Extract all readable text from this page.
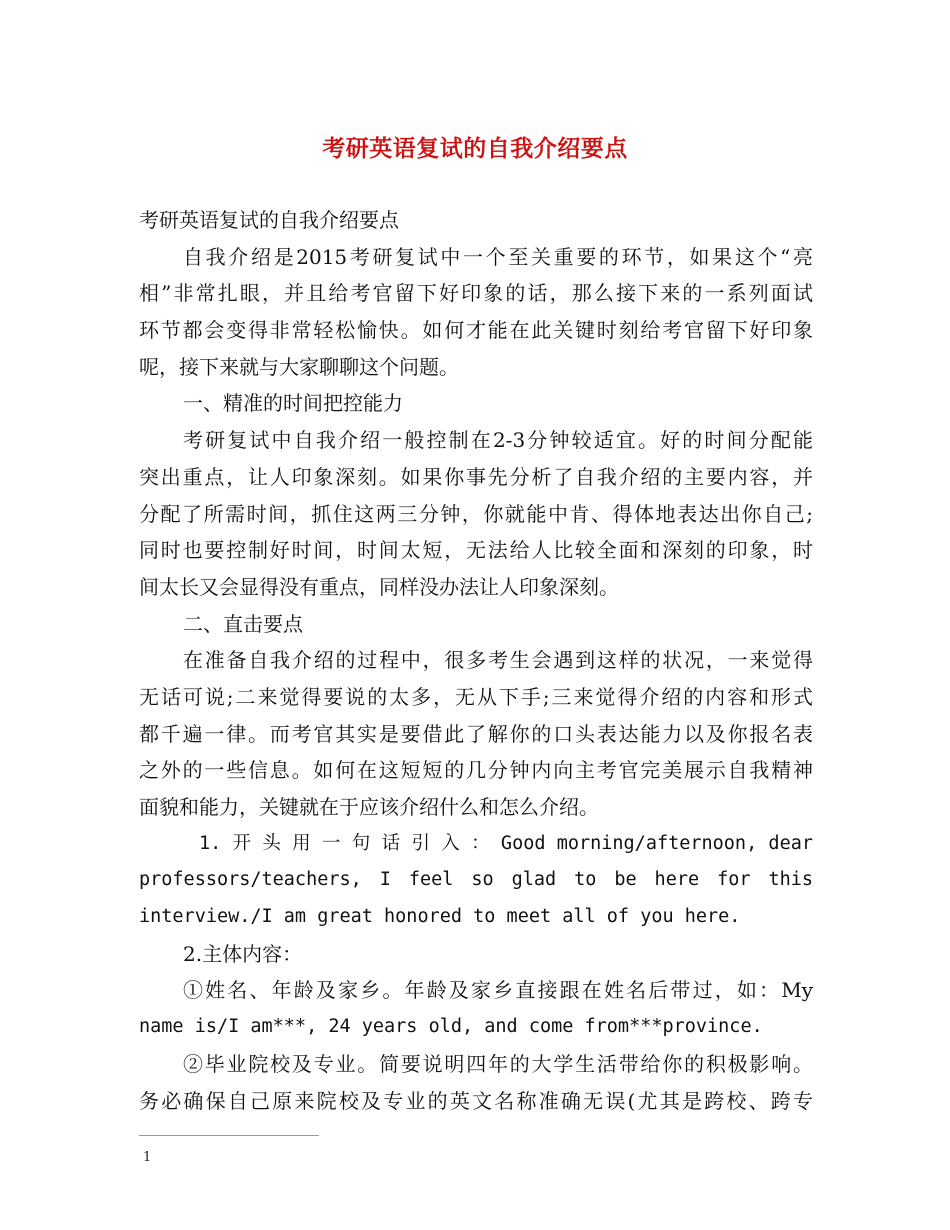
考研英语复试的自我介绍要点
考研英语复试的自我介绍要点
自我介绍是2015考研复试中一个至关重要的环节，如果这个“亮
相”非常扎眼，并且给考官留下好印象的话，那么接下来的一系列面试
环节都会变得非常轻松愉快。如何才能在此关键时刻给考官留下好印象
呢，接下来就与大家聊聊这个问题。
一、精准的时间把控能力
考研复试中自我介绍一般控制在2-3分钟较适宜。好的时间分配能
突出重点，让人印象深刻。如果你事先分析了自我介绍的主要内容，并
分配了所需时间，抓住这两三分钟，你就能中肯、得体地表达出你自己;
同时也要控制好时间，时间太短，无法给人比较全面和深刻的印象，时
间太长又会显得没有重点，同样没办法让人印象深刻。
二、直击要点
在准备自我介绍的过程中，很多考生会遇到这样的状况，一来觉得
无话可说;二来觉得要说的太多，无从下手;三来觉得介绍的内容和形式
都千遍一律。而考官其实是要借此了解你的口头表达能力以及你报名表
之外的一些信息。如何在这短短的几分钟内向主考官完美展示自我精神
面貌和能力，关键就在于应该介绍什么和怎么介绍。
1. 开 头 用 一 句 话 引 入 ： Good morning/afternoon, dear
professors/teachers, I feel so glad to be here for this
interview./I am great honored to meet all of you here.
2.主体内容：
①姓名、年龄及家乡。年龄及家乡直接跟在姓名后带过，如：My
name is/I am***, 24 years old, and come from***province.
②毕业院校及专业。简要说明四年的大学生活带给你的积极影响。
务必确保自己原来院校及专业的英文名称准确无误(尤其是跨校、跨专
1
